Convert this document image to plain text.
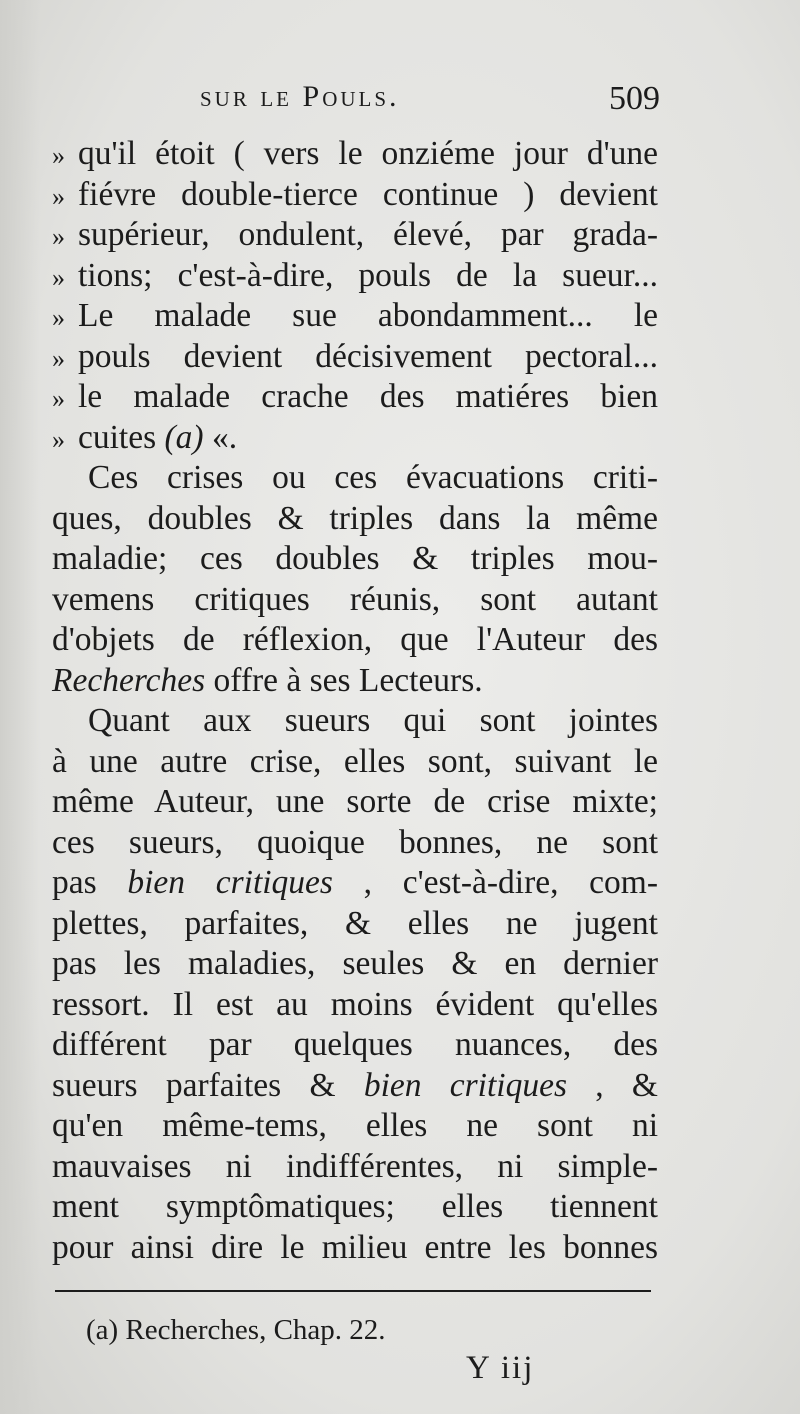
sur le Pouls.	509
» qu'il étoit ( vers le onziéme jour d'une
» fiévre double-tierce continue ) devient
» supérieur, ondulent, élevé, par grada-
» tions; c'est-à-dire, pouls de la sueur...
» Le malade sue abondamment... le
» pouls devient décisivement pectoral...
» le malade crache des matiéres bien
» cuites (a) «.
Ces crises ou ces évacuations criti-
ques, doubles & triples dans la même
maladie; ces doubles & triples mou-
vemens critiques réunis, sont autant
d'objets de réflexion, que l'Auteur des
Recherches offre à ses Lecteurs.
Quant aux sueurs qui sont jointes
à une autre crise, elles sont, suivant le
même Auteur, une sorte de crise mixte;
ces sueurs, quoique bonnes, ne sont
pas bien critiques , c'est-à-dire, com-
plettes, parfaites, & elles ne jugent
pas les maladies, seules & en dernier
ressort. Il est au moins évident qu'elles
différent par quelques nuances, des
sueurs parfaites & bien critiques , &
qu'en même-tems, elles ne sont ni
mauvaises ni indifférentes, ni simple-
ment symptômatiques; elles tiennent
pour ainsi dire le milieu entre les bonnes
(a) Recherches, Chap. 22.
Y iij
